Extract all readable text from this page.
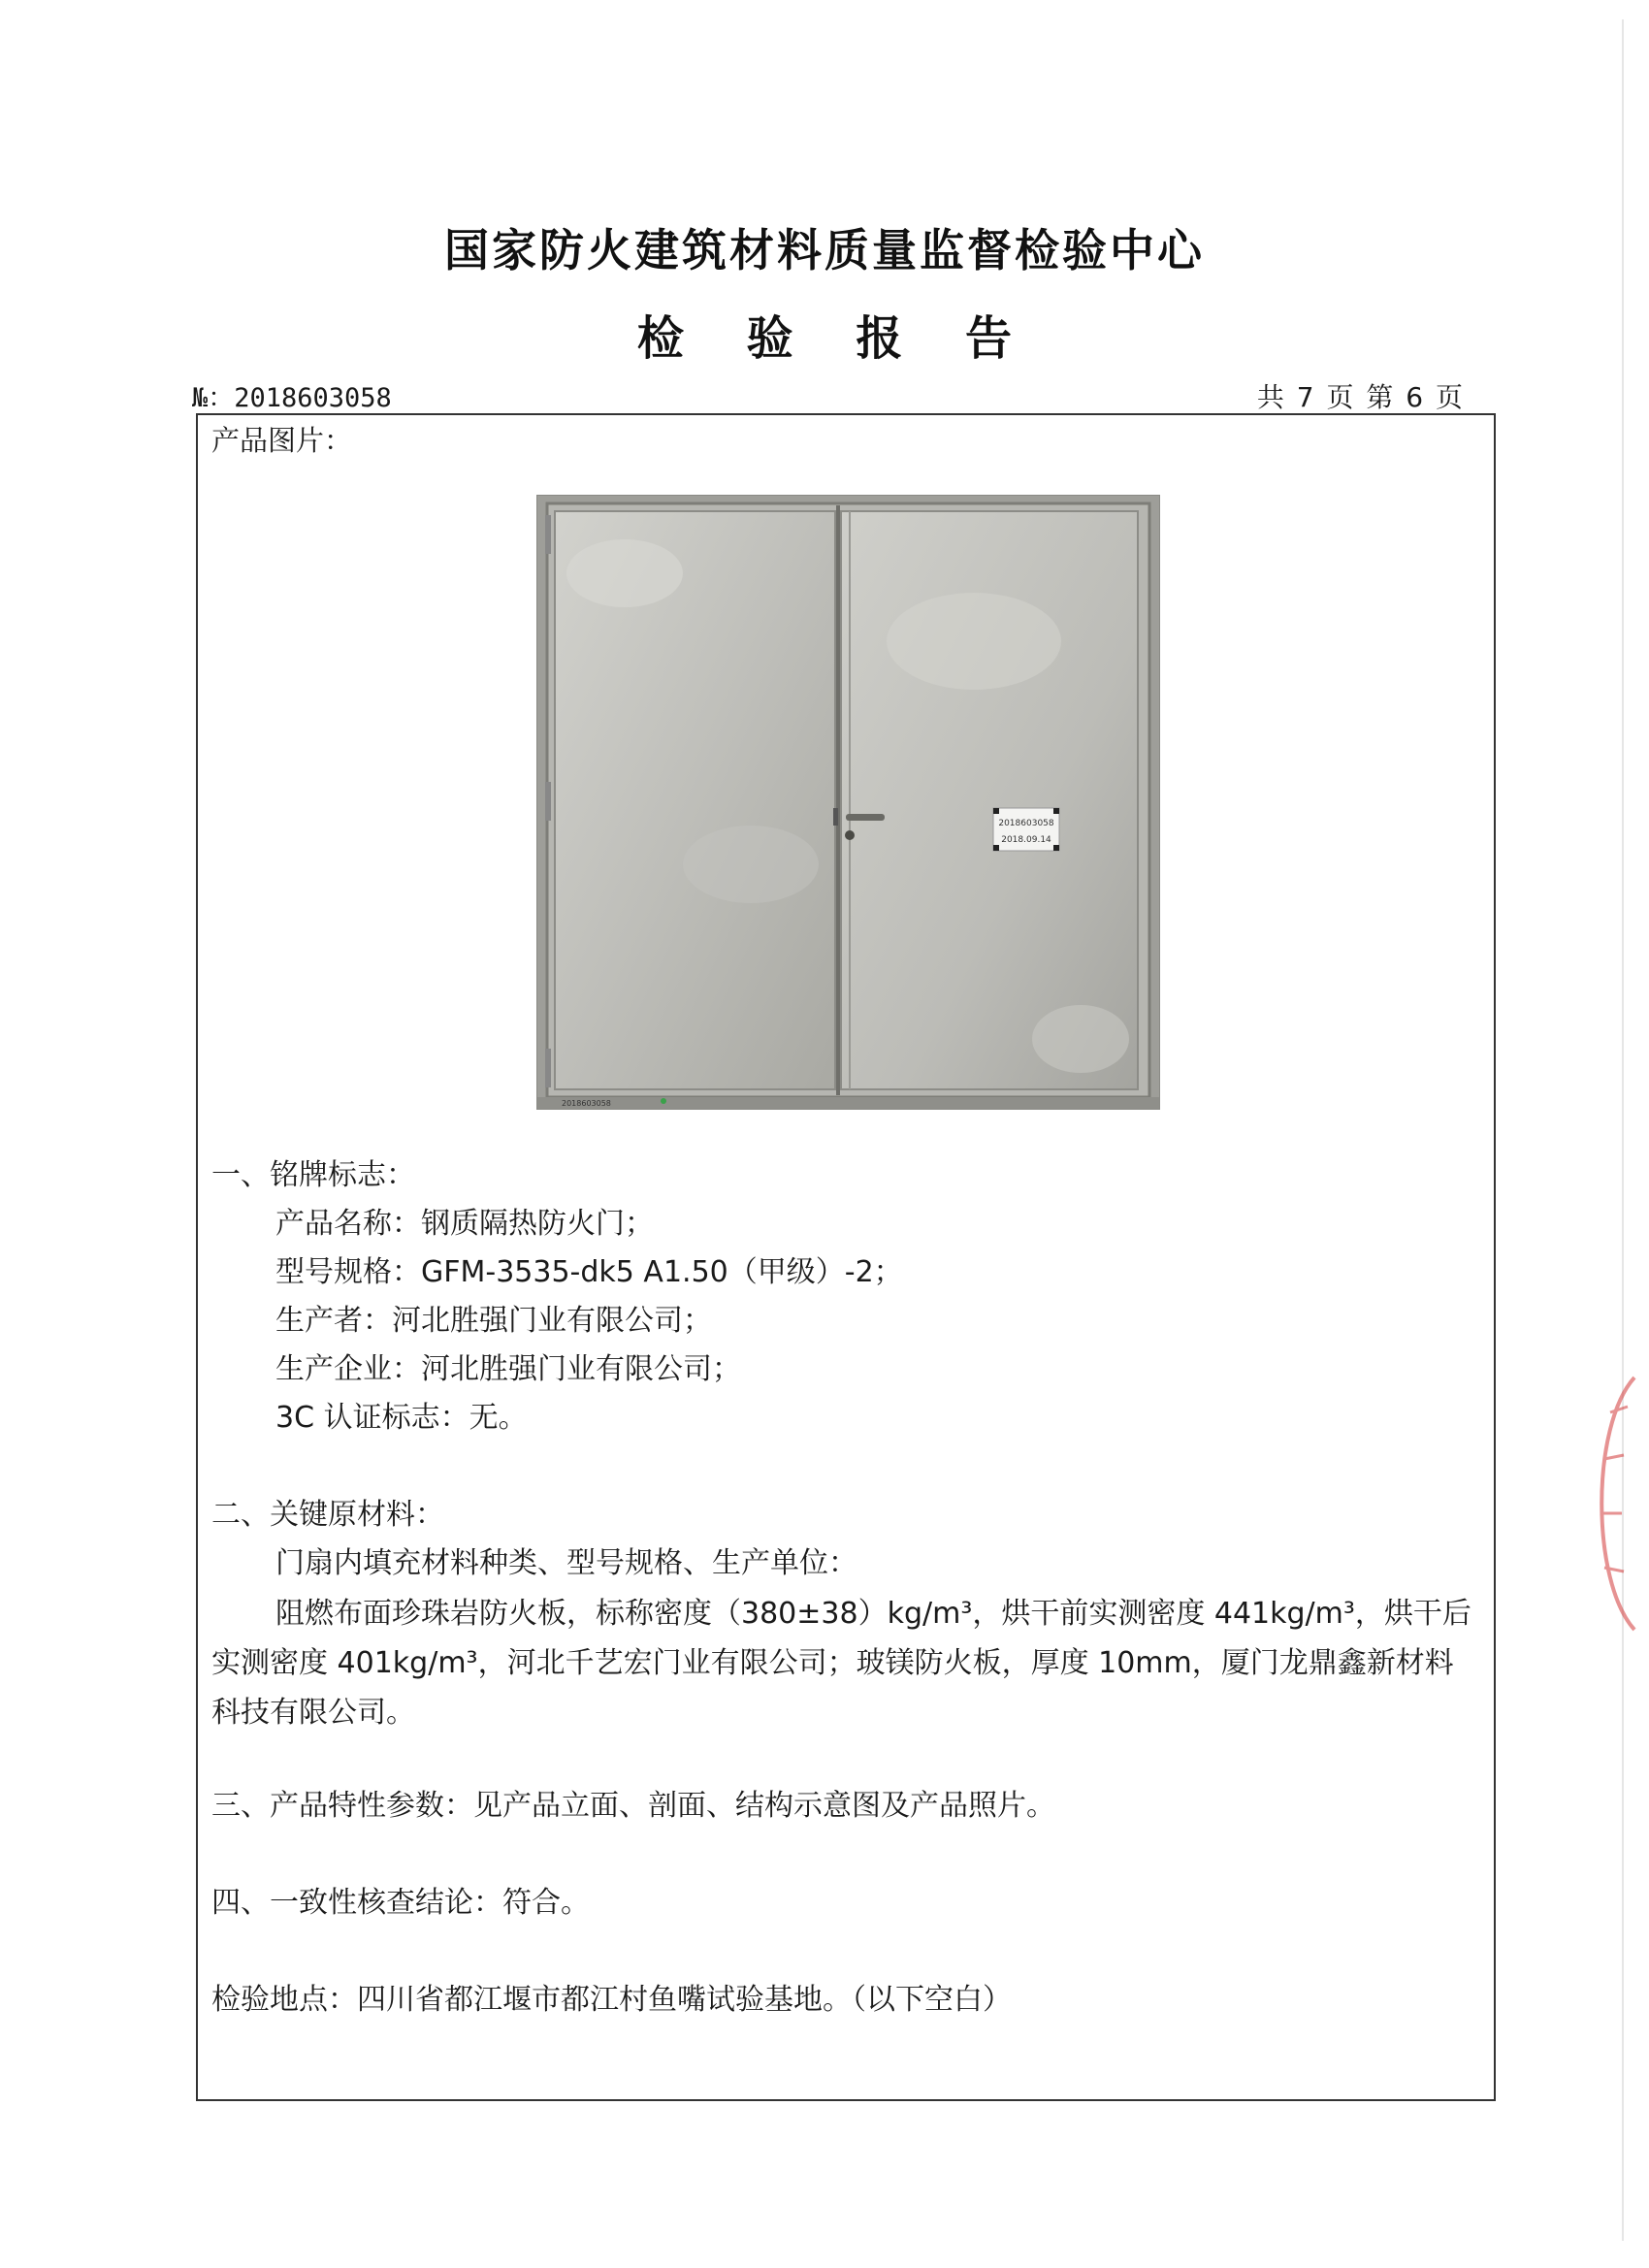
国家防火建筑材料质量监督检验中心
检 验 报 告
№：2018603058	共 7 页 第 6 页
产品图片：
2018603058
2018.09.14
2018603058
一、铭牌标志：
产品名称：钢质隔热防火门；
型号规格：GFM-3535-dk5 A1.50（甲级）-2；
生产者：河北胜强门业有限公司；
生产企业：河北胜强门业有限公司；
3C 认证标志：无。
二、关键原材料：
门扇内填充材料种类、型号规格、生产单位：
阻燃布面珍珠岩防火板，标称密度（380±38）kg/m³，烘干前实测密度 441kg/m³，烘干后实测密度 401kg/m³，河北千艺宏门业有限公司；玻镁防火板，厚度 10mm，厦门龙鼎鑫新材料科技有限公司。
三、产品特性参数：见产品立面、剖面、结构示意图及产品照片。
四、一致性核查结论：符合。
检验地点：四川省都江堰市都江村鱼嘴试验基地。（以下空白）
